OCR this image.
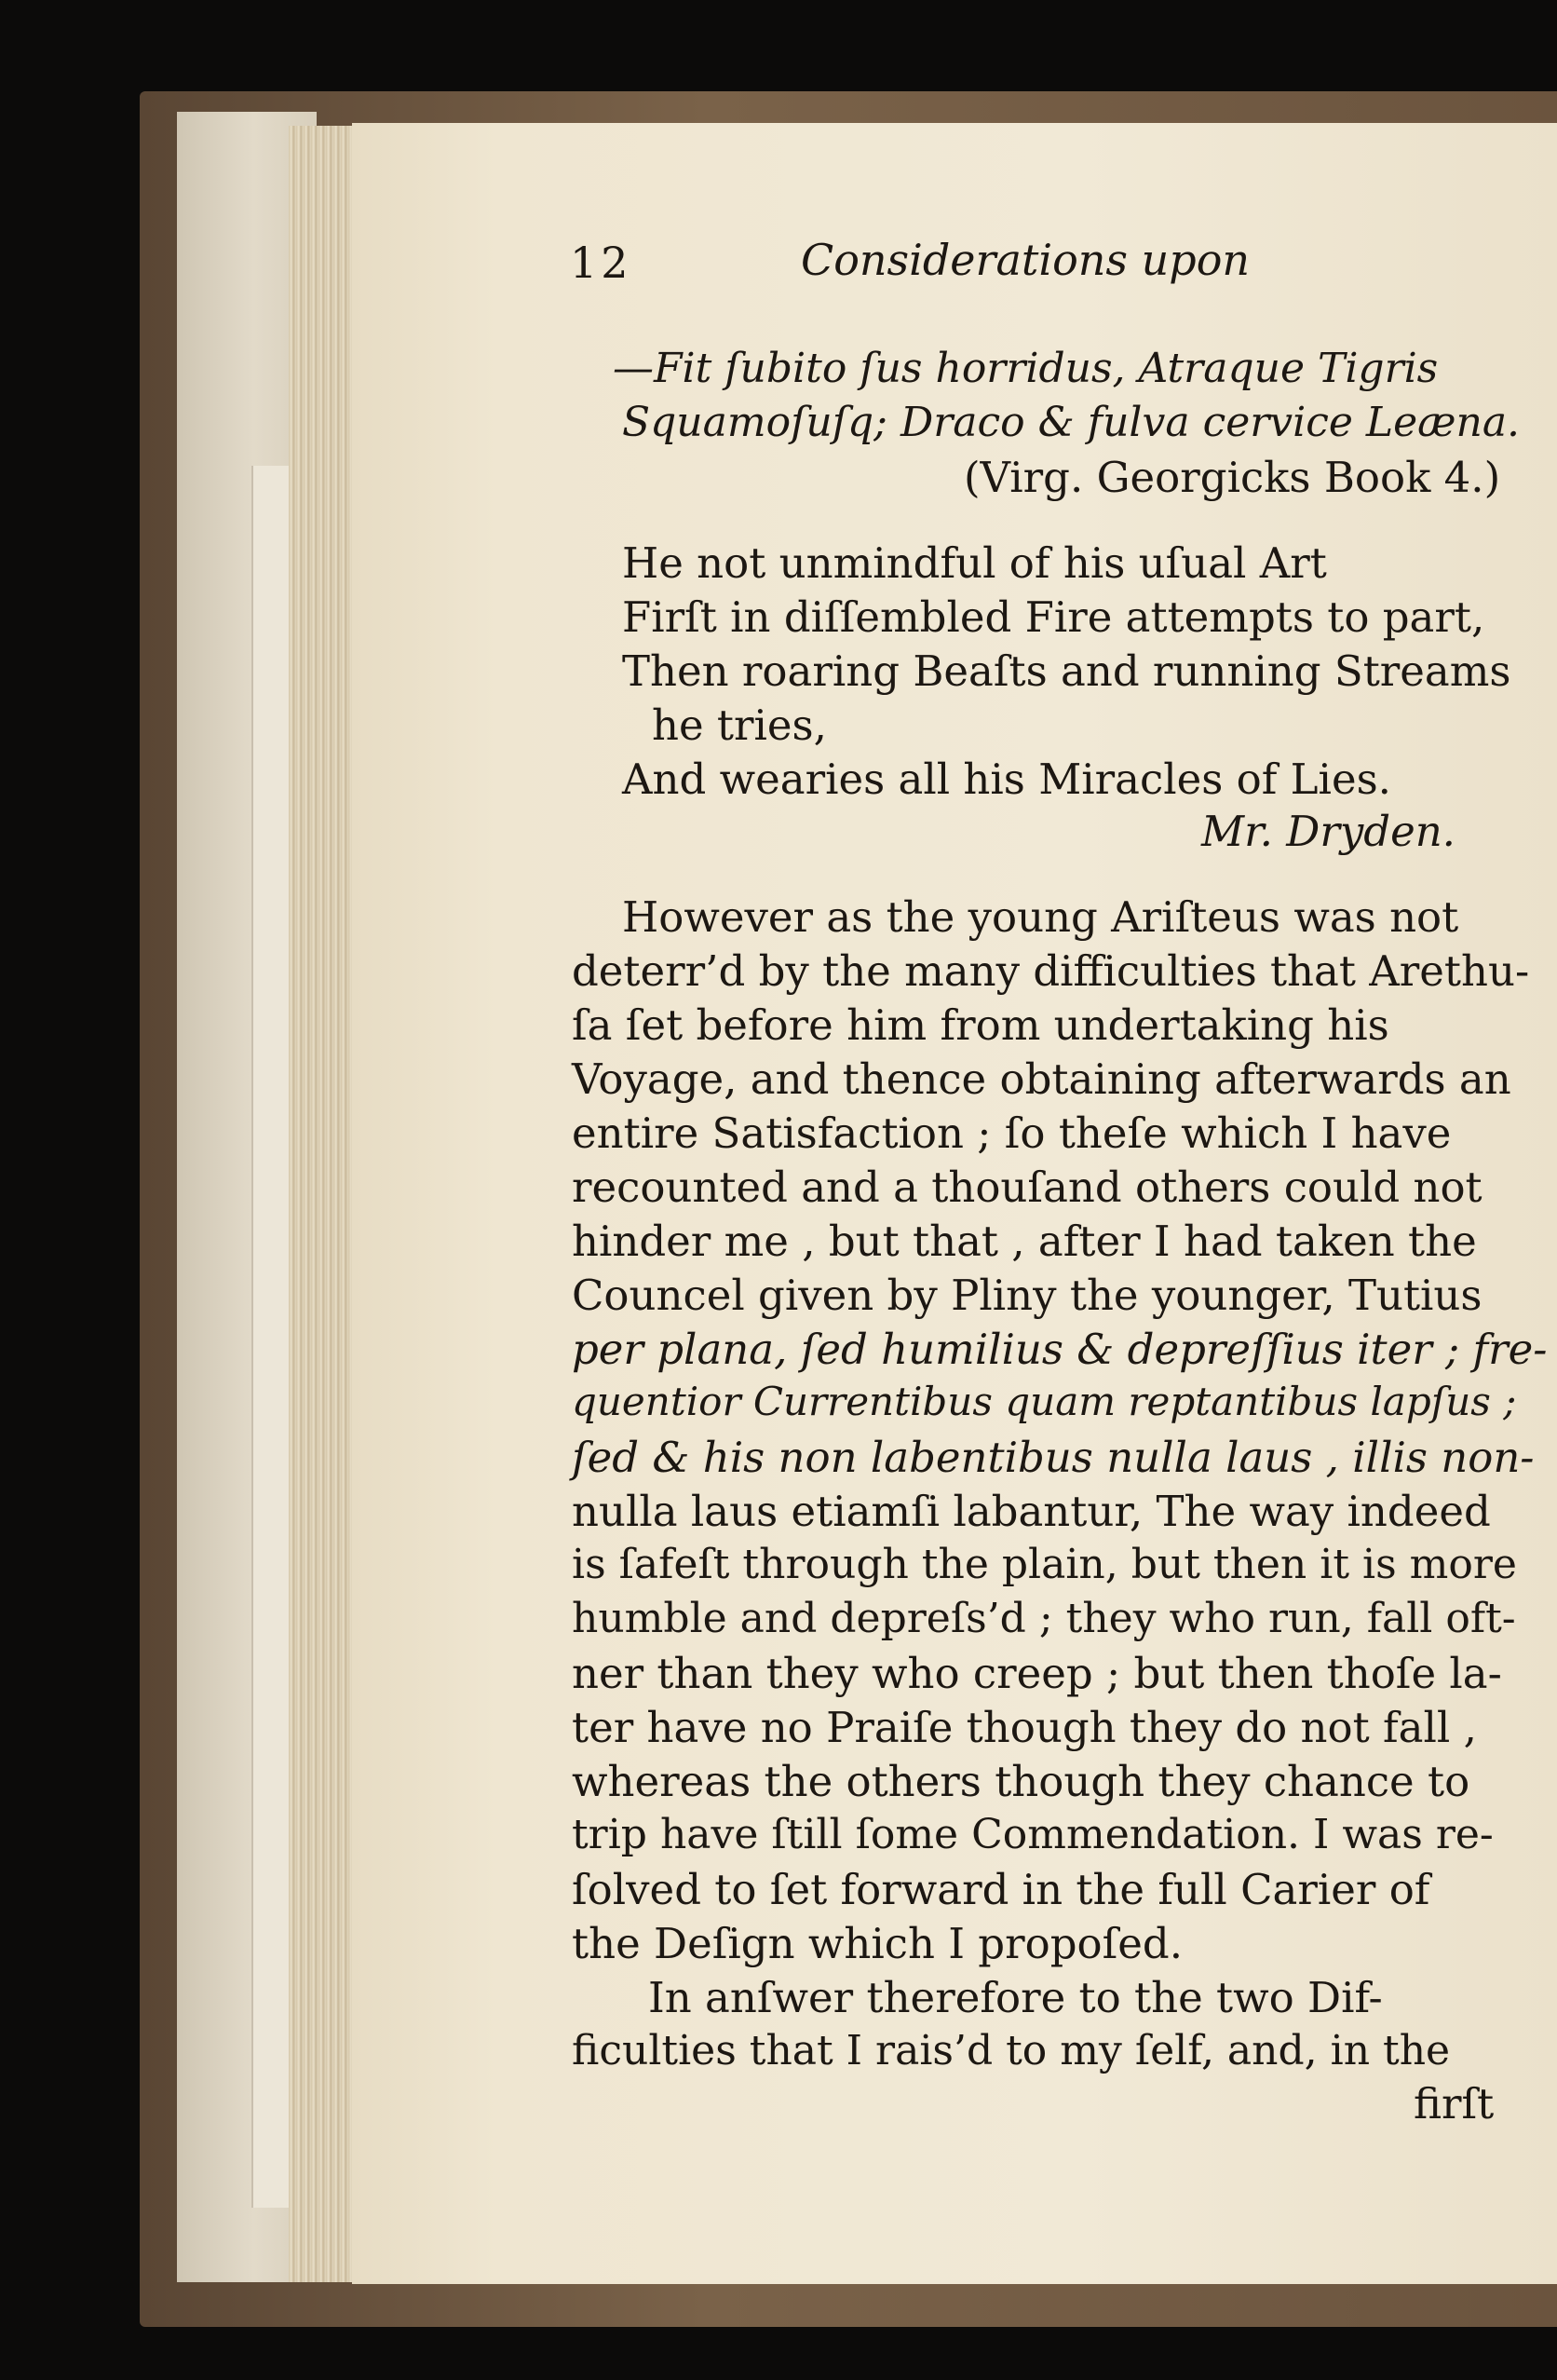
12	Considerations upon
—Fit ſubito ſus horridus, Atraque Tigris
Squamoſuſq; Draco & fulva cervice Leæna.
(Virg. Georgicks Book 4.)
He not unmindful of his uſual Art
Firſt in diſſembled Fire attempts to part,
Then roaring Beaſts and running Streams
he tries,
And wearies all his Miracles of Lies.
Mr. Dryden.
However as the young Ariſteus was not
deterr’d by the many difficulties that Arethu-
ſa ſet before him from undertaking his
Voyage, and thence obtaining afterwards an
entire Satisfaction ; ſo theſe which I have
recounted and a thouſand others could not
hinder me , but that , after I had taken the
Councel given by Pliny the younger, Tutius
per plana, ſed humilius & depreſſius iter ; fre-
quentior Currentibus quam reptantibus lapſus ;
ſed & his non labentibus nulla laus , illis non-
nulla laus etiamſi labantur, The way indeed
is ſafeſt through the plain, but then it is more
humble and depreſs’d ; they who run, fall oft-
ner than they who creep ; but then thoſe la-
ter have no Praiſe though they do not fall ,
whereas the others though they chance to
trip have ſtill ſome Commendation. I was re-
ſolved to ſet forward in the full Carier of
the Deſign which I propoſed.
In anſwer therefore to the two Dif-
ficulties that I rais’d to my ſelf, and, in the
firſt
